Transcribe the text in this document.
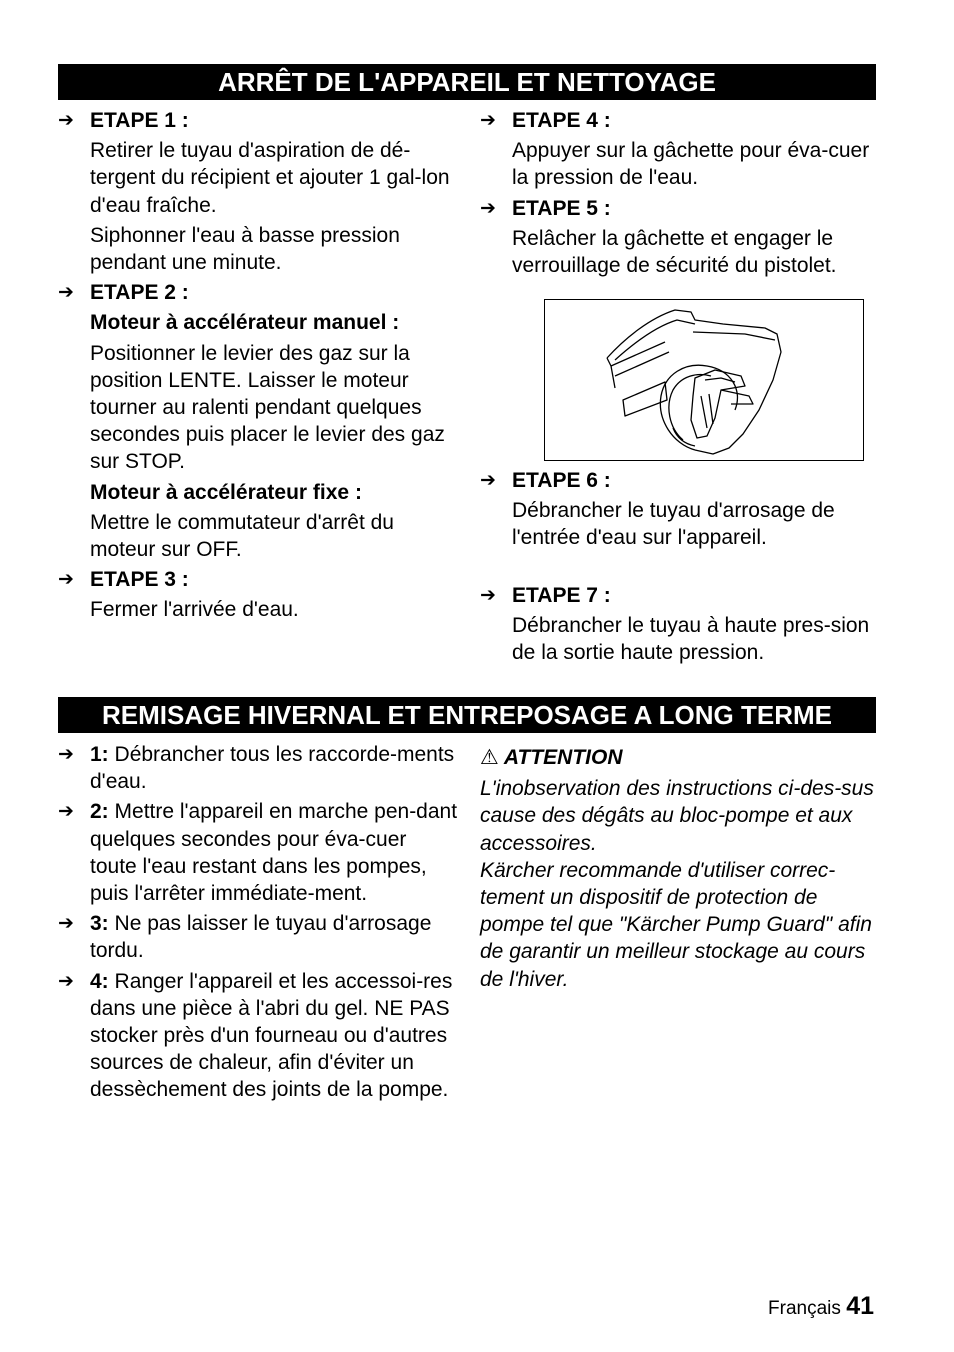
ARRÊT DE L'APPAREIL ET NETTOYAGE
➔ ETAPE 1 :
Retirer le tuyau d'aspiration de dé-tergent du récipient et ajouter 1 gal-lon d'eau fraîche.
Siphonner l'eau à basse pression pendant une minute.
➔ ETAPE 2 :
Moteur à accélérateur manuel :
Positionner le levier des gaz sur la position LENTE. Laisser le moteur tourner au ralenti pendant quelques secondes puis placer le levier des gaz sur STOP.
Moteur à accélérateur fixe :
Mettre le commutateur d'arrêt du moteur sur OFF.
➔ ETAPE 3 :
Fermer l'arrivée d'eau.
➔ ETAPE 4 :
Appuyer sur la gâchette pour éva-cuer la pression de l'eau.
➔ ETAPE 5 :
Relâcher la gâchette et engager le verrouillage de sécurité du pistolet.
➔ ETAPE 6 :
Débrancher le tuyau d'arrosage de l'entrée d'eau sur l'appareil.
➔ ETAPE 7 :
Débrancher le tuyau à haute pres-sion de la sortie haute pression.
REMISAGE HIVERNAL ET ENTREPOSAGE A LONG TERME
➔ 1: Débrancher tous les raccorde-ments d'eau.
➔ 2: Mettre l'appareil en marche pen-dant quelques secondes pour éva-cuer toute l'eau restant dans les pompes, puis l'arrêter immédiate-ment.
➔ 3: Ne pas laisser le tuyau d'arrosage tordu.
➔ 4: Ranger l'appareil et les accessoi-res dans une pièce à l'abri du gel. NE PAS stocker près d'un fourneau ou d'autres sources de chaleur, afin d'éviter un dessèchement des joints de la pompe.
⚠ ATTENTION
L'inobservation des instructions ci-des-sus cause des dégâts au bloc-pompe et aux accessoires.
Kärcher recommande d'utiliser correc-tement un dispositif de protection de pompe tel que "Kärcher Pump Guard" afin de garantir un meilleur stockage au cours de l'hiver.
Français 41
